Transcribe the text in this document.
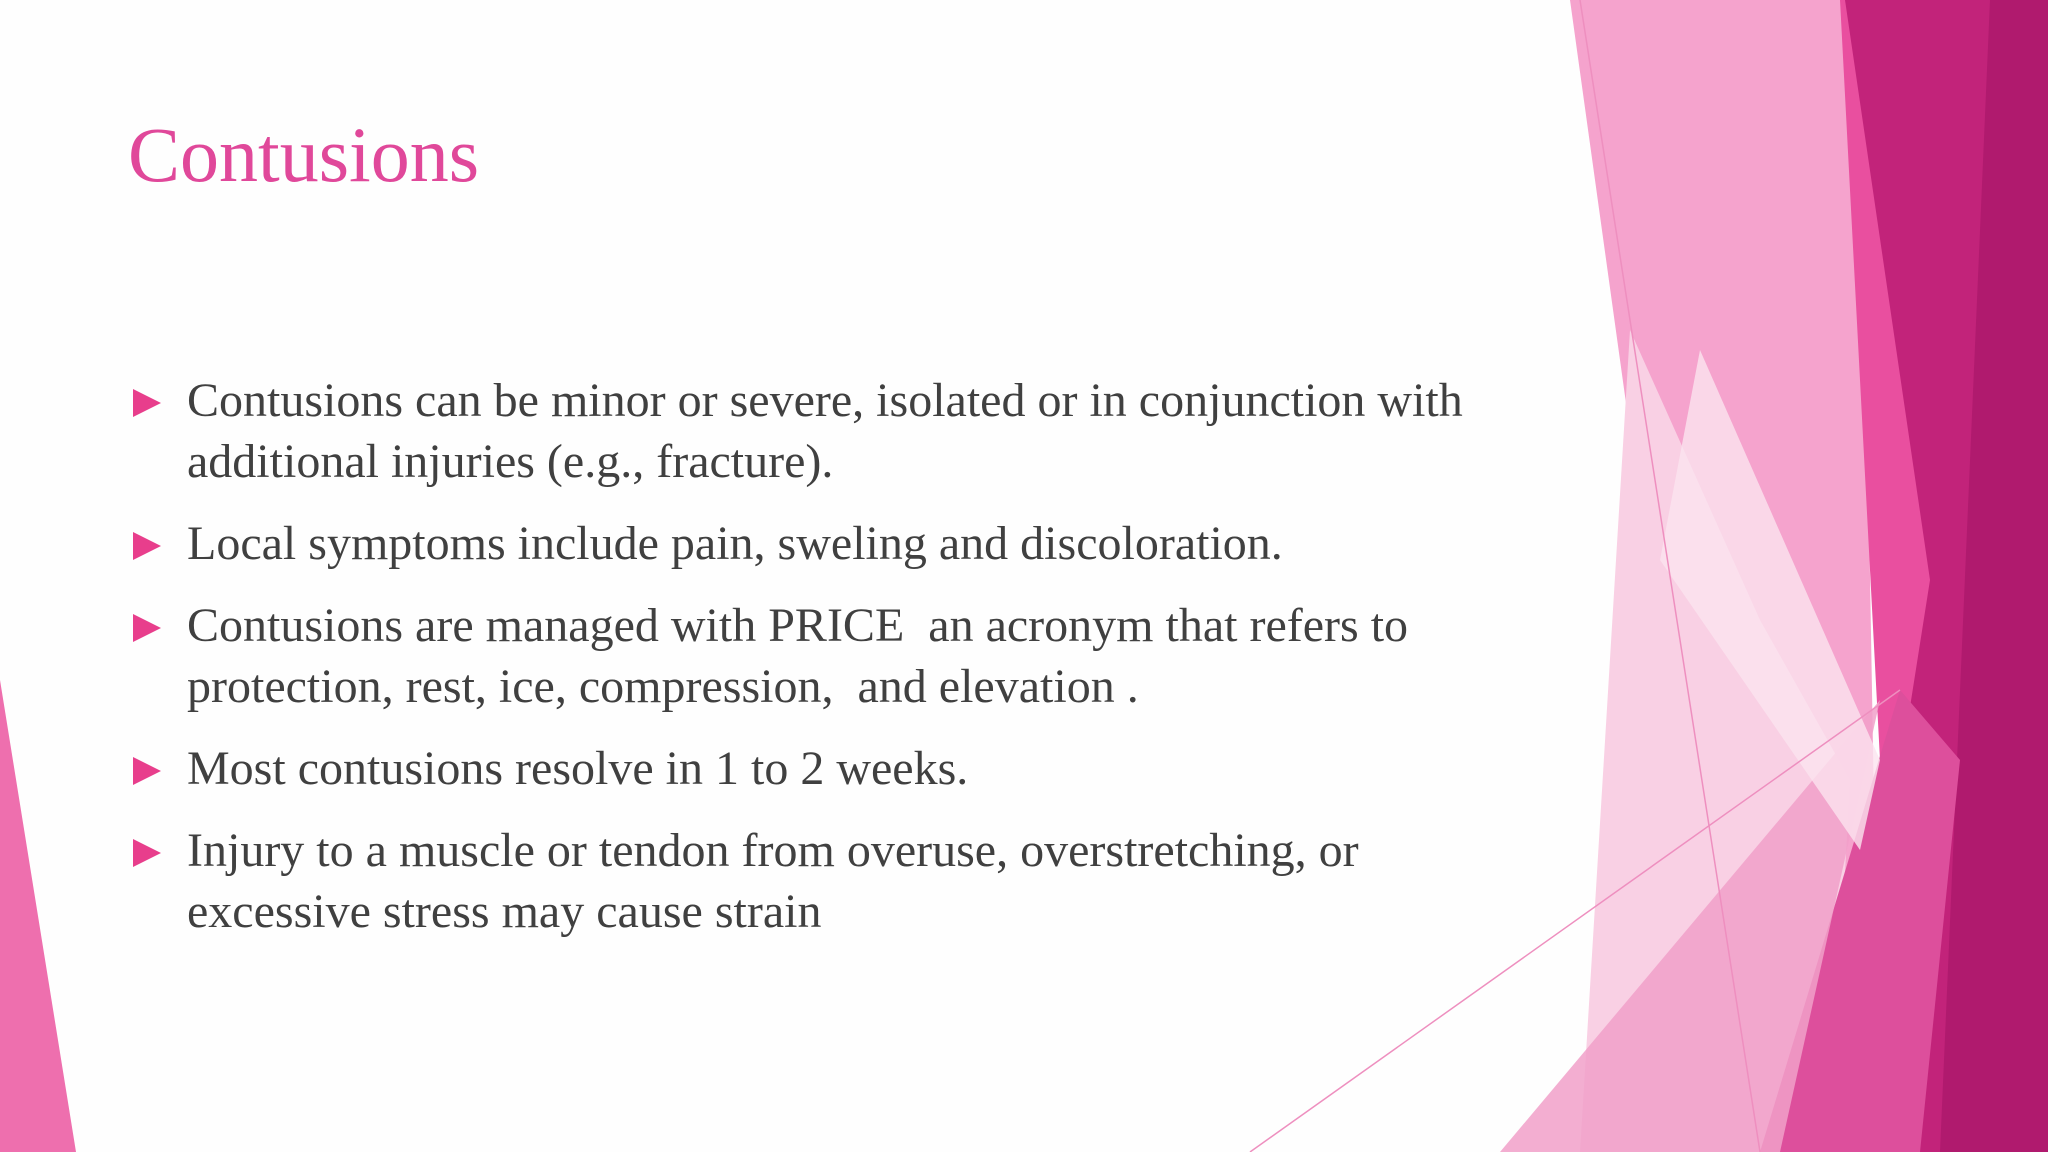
Contusions
Contusions can be minor or severe, isolated or in conjunction with additional injuries (e.g., fracture).
Local symptoms include pain, sweling and discoloration.
Contusions are managed with PRICE  an acronym that refers to protection, rest, ice, compression,  and elevation .
Most contusions resolve in 1 to 2 weeks.
Injury to a muscle or tendon from overuse, overstretching, or excessive stress may cause strain
